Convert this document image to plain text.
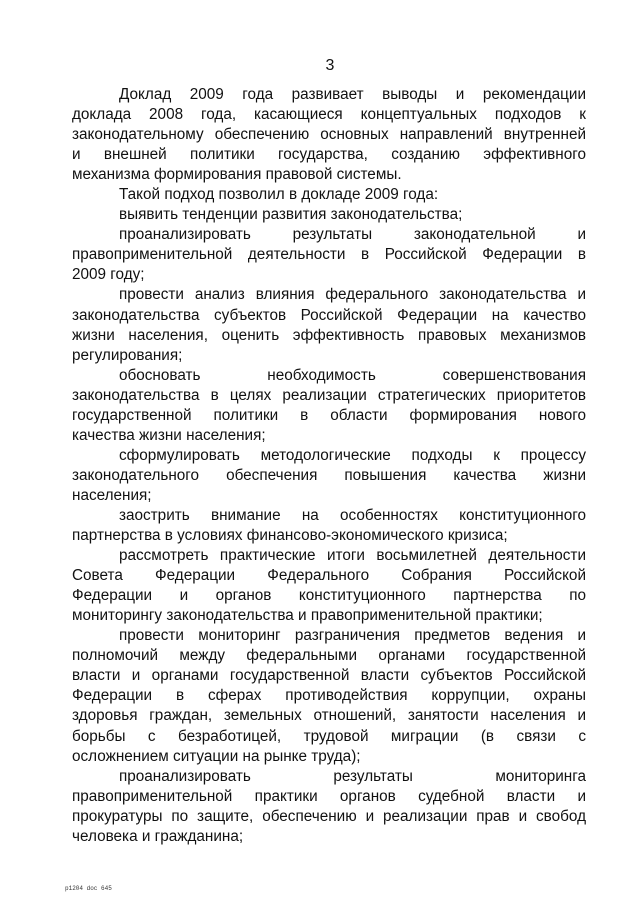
3
Доклад 2009 года развивает выводы и рекомендации
доклада 2008 года, касающиеся концептуальных подходов к
законодательному обеспечению основных направлений внутренней
и внешней политики государства, созданию эффективного
механизма формирования правовой системы.
Такой подход позволил в докладе 2009 года:
выявить тенденции развития законодательства;
проанализировать результаты законодательной и
правоприменительной деятельности в Российской Федерации в
2009 году;
провести анализ влияния федерального законодательства и
законодательства субъектов Российской Федерации на качество
жизни населения, оценить эффективность правовых механизмов
регулирования;
обосновать необходимость совершенствования
законодательства в целях реализации стратегических приоритетов
государственной политики в области формирования нового
качества жизни населения;
сформулировать методологические подходы к процессу
законодательного обеспечения повышения качества жизни
населения;
заострить внимание на особенностях конституционного
партнерства в условиях финансово-экономического кризиса;
рассмотреть практические итоги восьмилетней деятельности
Совета Федерации Федерального Собрания Российской
Федерации и органов конституционного партнерства по
мониторингу законодательства и правоприменительной практики;
провести мониторинг разграничения предметов ведения и
полномочий между федеральными органами государственной
власти и органами государственной власти субъектов Российской
Федерации в сферах противодействия коррупции, охраны
здоровья граждан, земельных отношений, занятости населения и
борьбы с безработицей, трудовой миграции (в связи с
осложнением ситуации на рынке труда);
проанализировать результаты мониторинга
правоприменительной практики органов судебной власти и
прокуратуры по защите, обеспечению и реализации прав и свобод
человека и гражданина;
p1204 doc 645
